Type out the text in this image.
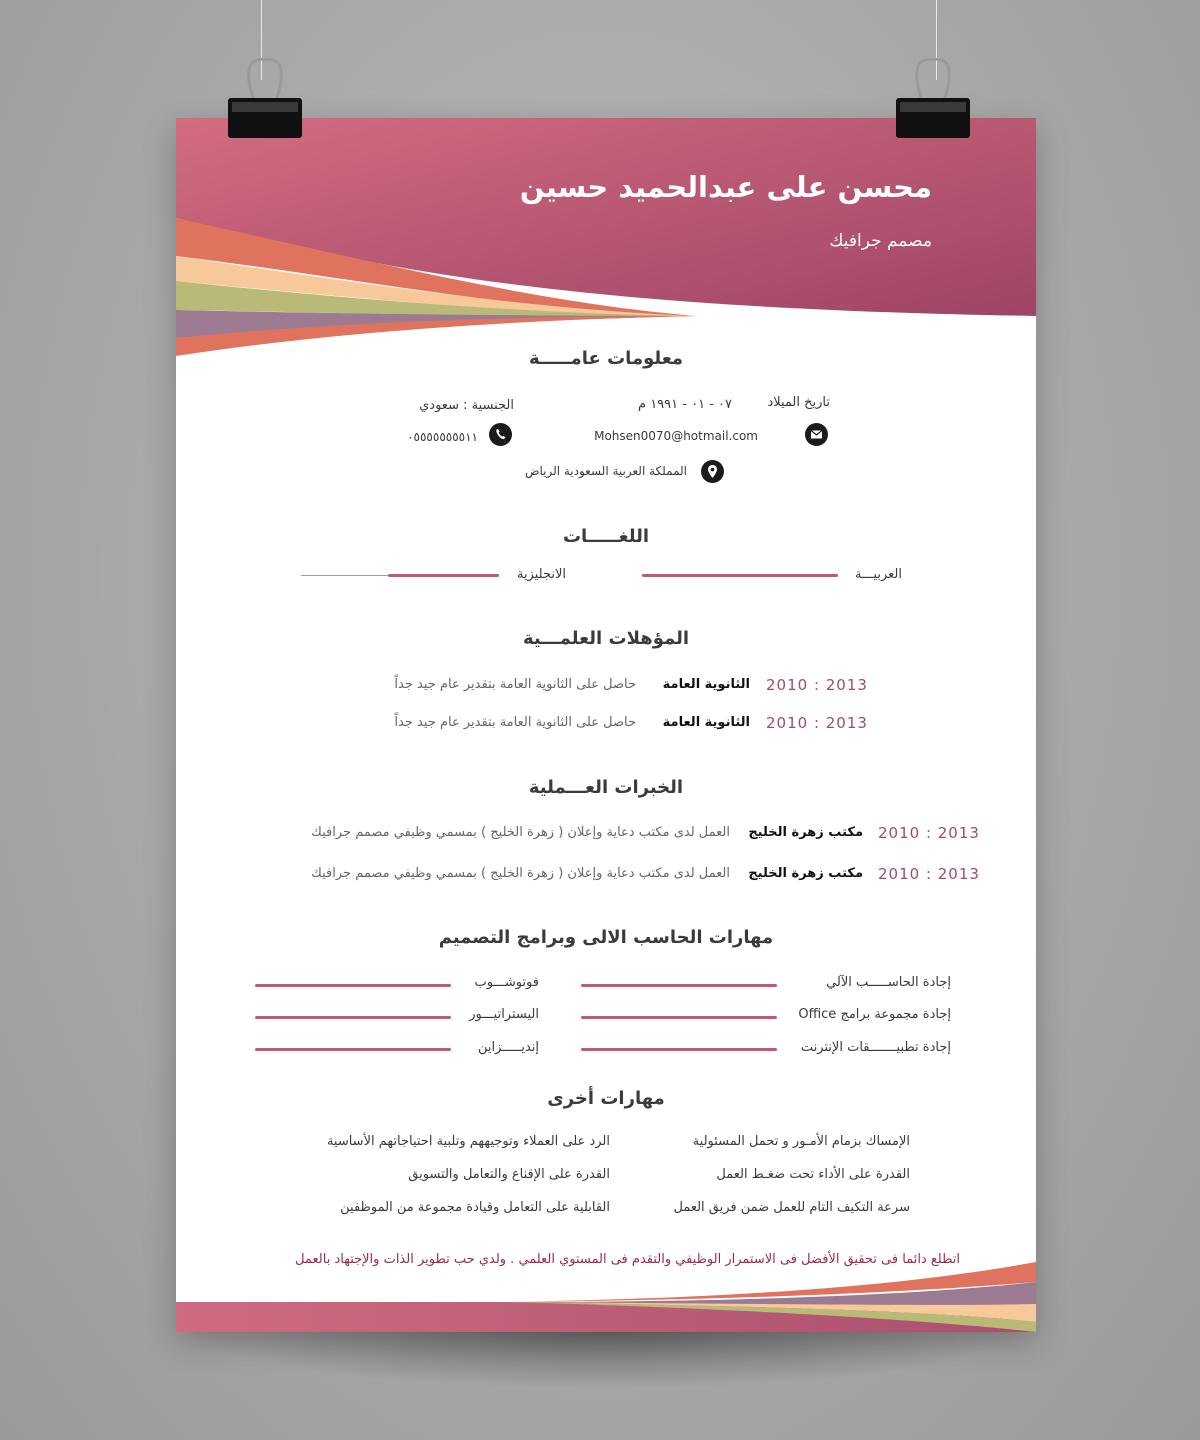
محسن على عبدالحميد حسين
مصمم جرافيك
معلومات عامـــــة
تاريخ الميلاد
٠٧ - ٠١ - ١٩٩١ م
الجنسية : سعودي
Mohsen0070@hotmail.com
٠٥٥٥٥٥٥٥٥١١
المملكة العربية السعودية الرياض
اللغـــــات
العربيـــة
الانجليزية
المؤهلات العلمـــية
2010 : 2013
الثانوية العامة
حاصل على الثانوية العامة بتقدير عام جيد جداً
2010 : 2013
الثانوية العامة
حاصل على الثانوية العامة بتقدير عام جيد جداً
الخبرات العـــملية
2010 : 2013
مكتب زهرة الخليج
العمل لدى مكتب دعاية وإعلان ( زهرة الخليج ) بمسمي وظيفي مصمم جرافيك
2010 : 2013
مكتب زهرة الخليج
العمل لدى مكتب دعاية وإعلان ( زهرة الخليج ) بمسمي وظيفي مصمم جرافيك
مهارات الحاسب الالى وبرامج التصميم
إجادة الحاســـــب الآلي
إجادة مجموعة برامج Office
إجادة تطبيـــــــقات الإنترنت
فوتوشـــوب
اليستراتيـــور
إنديـــــزاين
مهارات أخرى
الإمساك بزمام الأمـور و تحمل المسئولية
القدرة على الأداء تحت ضغـط العمل
سرعة التكيف التام للعمل ضمن فريق العمل
الرد على العملاء وتوجيههم وتلبية احتياجاتهم الأساسية
القدرة على الإقناع والتعامل والتسويق
القابلية على التعامل وقيادة مجموعة من الموظفين
اتطلع دائما فى تحقيق الأفضل فى الاستمرار الوظيفي والتقدم فى المستوي العلمي . ولدي حب تطوير الذات والإجتهاد بالعمل
